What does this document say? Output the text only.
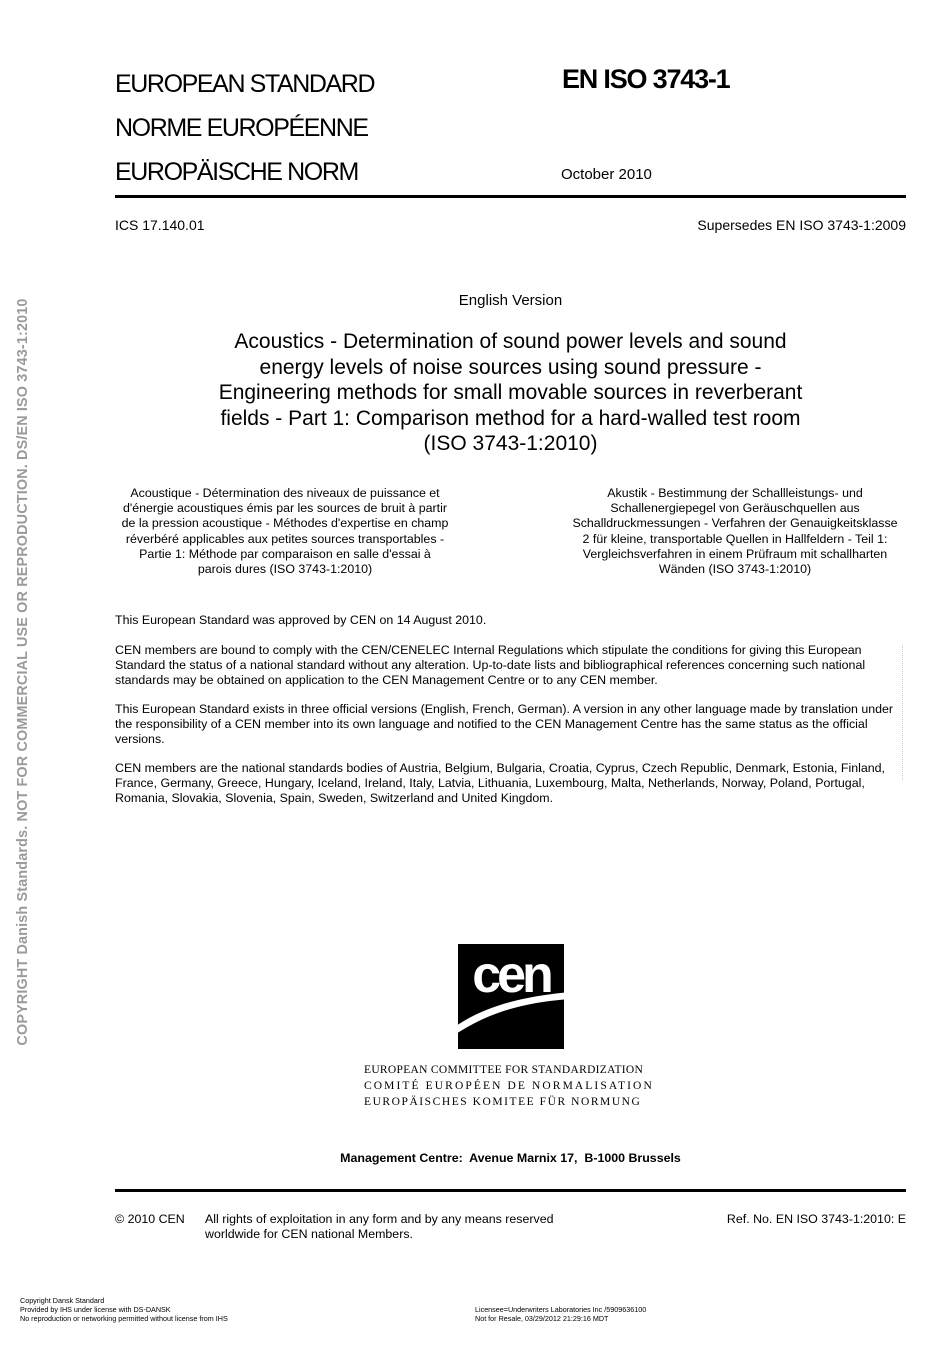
COPYRIGHT Danish Standards. NOT FOR COMMERCIAL USE OR REPRODUCTION. DS/EN ISO 3743-1:2010
EUROPEAN STANDARD
NORME EUROPÉENNE
EUROPÄISCHE NORM
EN ISO 3743-1
October 2010
ICS 17.140.01	Supersedes EN ISO 3743-1:2009
English Version
Acoustics - Determination of sound power levels and sound
energy levels of noise sources using sound pressure -
Engineering methods for small movable sources in reverberant
fields - Part 1: Comparison method for a hard-walled test room
(ISO 3743-1:2010)
Acoustique - Détermination des niveaux de puissance et
d'énergie acoustiques émis par les sources de bruit à partir
de la pression acoustique - Méthodes d'expertise en champ
réverbéré applicables aux petites sources transportables -
Partie 1: Méthode par comparaison en salle d'essai à
parois dures (ISO 3743-1:2010)
Akustik - Bestimmung der Schallleistungs- und
Schallenergiepegel von Geräuschquellen aus
Schalldruckmessungen - Verfahren der Genauigkeitsklasse
2 für kleine, transportable Quellen in Hallfeldern - Teil 1:
Vergleichsverfahren in einem Prüfraum mit schallharten
Wänden (ISO 3743-1:2010)

This European Standard was approved by CEN on 14 August 2010.

CEN members are bound to comply with the CEN/CENELEC Internal Regulations which stipulate the conditions for giving this European Standard the status of a national standard without any alteration. Up-to-date lists and bibliographical references concerning such national standards may be obtained on application to the CEN Management Centre or to any CEN member.

This European Standard exists in three official versions (English, French, German). A version in any other language made by translation under the responsibility of a CEN member into its own language and notified to the CEN Management Centre has the same status as the official versions.

CEN members are the national standards bodies of Austria, Belgium, Bulgaria, Croatia, Cyprus, Czech Republic, Denmark, Estonia, Finland, France, Germany, Greece, Hungary, Iceland, Ireland, Italy, Latvia, Lithuania, Luxembourg, Malta, Netherlands, Norway, Poland, Portugal, Romania, Slovakia, Slovenia, Spain, Sweden, Switzerland and United Kingdom.

cen
EUROPEAN COMMITTEE FOR STANDARDIZATION
COMITÉ EUROPÉEN DE NORMALISATION
EUROPÄISCHES KOMITEE FÜR NORMUNG
Management Centre:  Avenue Marnix 17,  B-1000 Brussels
© 2010 CEN All rights of exploitation in any form and by any means reserved worldwide for CEN national Members.
Ref. No. EN ISO 3743-1:2010: E
Copyright Dansk Standard
Provided by IHS under license with DS-DANSK
No reproduction or networking permitted without license from IHS
Licensee=Underwriters Laboratories Inc /5909636100
Not for Resale, 03/29/2012 21:29:16 MDT
